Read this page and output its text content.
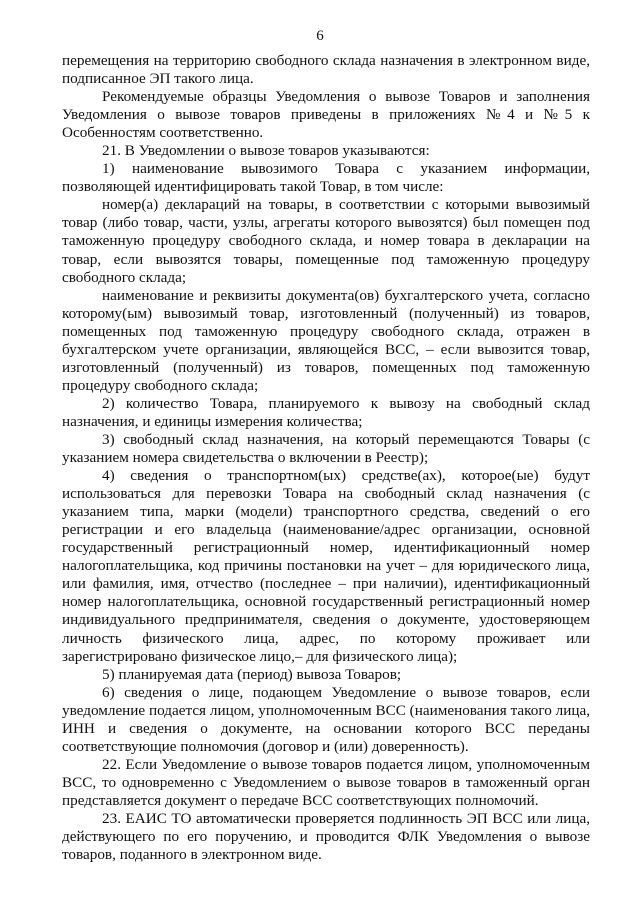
6

перемещения на территорию свободного склада назначения в электронном виде, подписанное ЭП такого лица.

Рекомендуемые образцы Уведомления о вывозе Товаров и заполнения Уведомления о вывозе товаров приведены в приложениях №4 и №5 к Особенностям соответственно.

21. В Уведомлении о вывозе товаров указываются:

1) наименование вывозимого Товара с указанием информации, позволяющей идентифицировать такой Товар, в том числе:

номер(а) деклараций на товары, в соответствии с которыми вывозимый товар (либо товар, части, узлы, агрегаты которого вывозятся) был помещен под таможенную процедуру свободного склада, и номер товара в декларации на товар, если вывозятся товары, помещенные под таможенную процедуру свободного склада;

наименование и реквизиты документа(ов) бухгалтерского учета, согласно которому(ым) вывозимый товар, изготовленный (полученный) из товаров, помещенных под таможенную процедуру свободного склада, отражен в бухгалтерском учете организации, являющейся ВСС, – если вывозится товар, изготовленный (полученный) из товаров, помещенных под таможенную процедуру свободного склада;

2) количество Товара, планируемого к вывозу на свободный склад назначения, и единицы измерения количества;

3) свободный склад назначения, на который перемещаются Товары (с указанием номера свидетельства о включении в Реестр);

4) сведения о транспортном(ых) средстве(ах), которое(ые) будут использоваться для перевозки Товара на свободный склад назначения (с указанием типа, марки (модели) транспортного средства, сведений о его регистрации и его владельца (наименование/адрес организации, основной государственный регистрационный номер, идентификационный номер налогоплательщика, код причины постановки на учет – для юридического лица, или фамилия, имя, отчество (последнее – при наличии), идентификационный номер налогоплательщика, основной государственный регистрационный номер индивидуального предпринимателя, сведения о документе, удостоверяющем личность физического лица, адрес, по которому проживает или зарегистрировано физическое лицо,– для физического лица);

5) планируемая дата (период) вывоза Товаров;

6) сведения о лице, подающем Уведомление о вывозе товаров, если уведомление подается лицом, уполномоченным ВСС (наименования такого лица, ИНН и сведения о документе, на основании которого ВСС переданы соответствующие полномочия (договор и (или) доверенность).

22. Если Уведомление о вывозе товаров подается лицом, уполномоченным ВСС, то одновременно с Уведомлением о вывозе товаров в таможенный орган представляется документ о передаче ВСС соответствующих полномочий.

23. ЕАИС ТО автоматически проверяется подлинность ЭП ВСС или лица, действующего по его поручению, и проводится ФЛК Уведомления о вывозе товаров, поданного в электронном виде.
